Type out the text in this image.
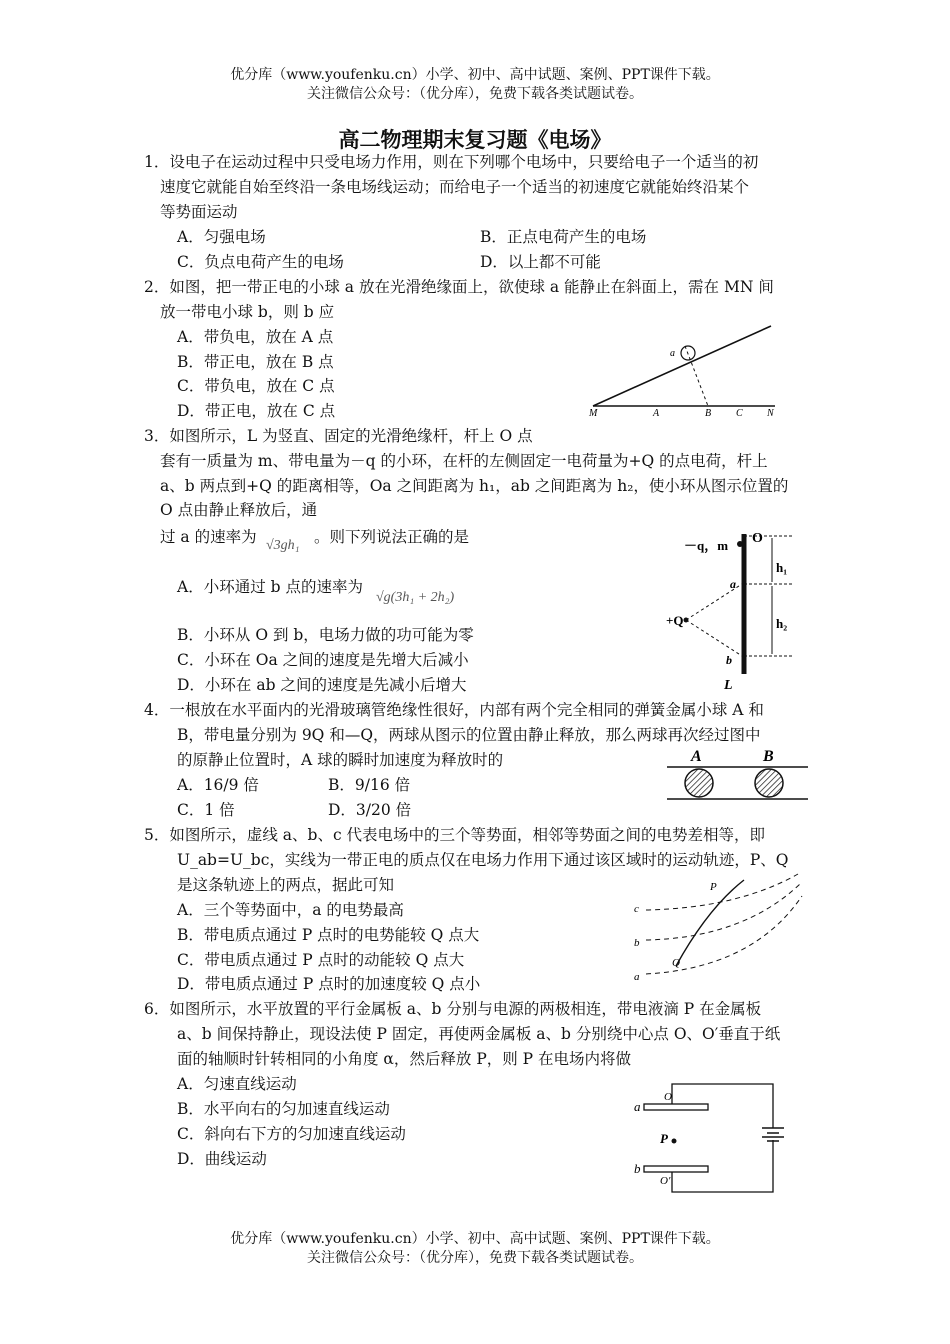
优分库（www.youfenku.cn）小学、初中、高中试题、案例、PPT课件下载。
关注微信公众号：（优分库），免费下载各类试题试卷。
高二物理期末复习题《电场》
1．设电子在运动过程中只受电场力作用，则在下列哪个电场中，只要给电子一个适当的初
速度它就能自始至终沿一条电场线运动；而给电子一个适当的初速度它就能始终沿某个
等势面运动
A．匀强电场	B．正点电荷产生的电场
C．负点电荷产生的电场	D．以上都不可能
2．如图，把一带正电的小球 a 放在光滑绝缘面上，欲使球 a 能静止在斜面上，需在 MN 间
放一带电小球 b，则 b 应
A．带负电，放在 A 点
B．带正电，放在 B 点
C．带负电，放在 C 点
D．带正电，放在 C 点
a
M	A	B C N
3．如图所示，L 为竖直、固定的光滑绝缘杆，杆上 O 点
套有一质量为 m、带电量为－q 的小环，在杆的左侧固定一电荷量为+Q 的点电荷，杆上
a、b 两点到+Q 的距离相等，Oa 之间距离为 h₁，ab 之间距离为 h₂，使小环从图示位置的
O 点由静止释放后，通
过 a 的速率为 √3gh₁ 。则下列说法正确的是
A．小环通过 b 点的速率为
√g(3h₁ + 2h₂)
B．小环从 O 到 b，电场力做的功可能为零
C．小环在 Oa 之间的速度是先增大后减小
D．小环在 ab 之间的速度是先减小后增大
－q，m O
h₁
h₂
a
+Q
b
L
4．一根放在水平面内的光滑玻璃管绝缘性很好，内部有两个完全相同的弹簧金属小球 A 和
B，带电量分别为 9Q 和—Q，两球从图示的位置由静止释放，那么两球再次经过图中
的原静止位置时，A 球的瞬时加速度为释放时的
A．16/9 倍	B．9/16 倍
C．1 倍	D．3/20 倍
A	B
5．如图所示，虚线 a、b、c 代表电场中的三个等势面，相邻等势面之间的电势差相等，即
U_ab=U_bc，实线为一带正电的质点仅在电场力作用下通过该区域时的运动轨迹，P、Q
是这条轨迹上的两点，据此可知
A．三个等势面中，a 的电势最高
B．带电质点通过 P 点时的电势能较 Q 点大
C．带电质点通过 P 点时的动能较 Q 点大
D．带电质点通过 P 点时的加速度较 Q 点小
P
c
b
Q
a
6．如图所示，水平放置的平行金属板 a、b 分别与电源的两极相连，带电液滴 P 在金属板
a、b 间保持静止，现设法使 P 固定，再使两金属板 a、b 分别绕中心点 O、O′垂直于纸
面的轴顺时针转相同的小角度 α，然后释放 P，则 P 在电场内将做
A．匀速直线运动
B．水平向右的匀加速直线运动
C．斜向右下方的匀加速直线运动
D．曲线运动
a
O
P
b
O′
优分库（www.youfenku.cn）小学、初中、高中试题、案例、PPT课件下载。
关注微信公众号：（优分库），免费下载各类试题试卷。
